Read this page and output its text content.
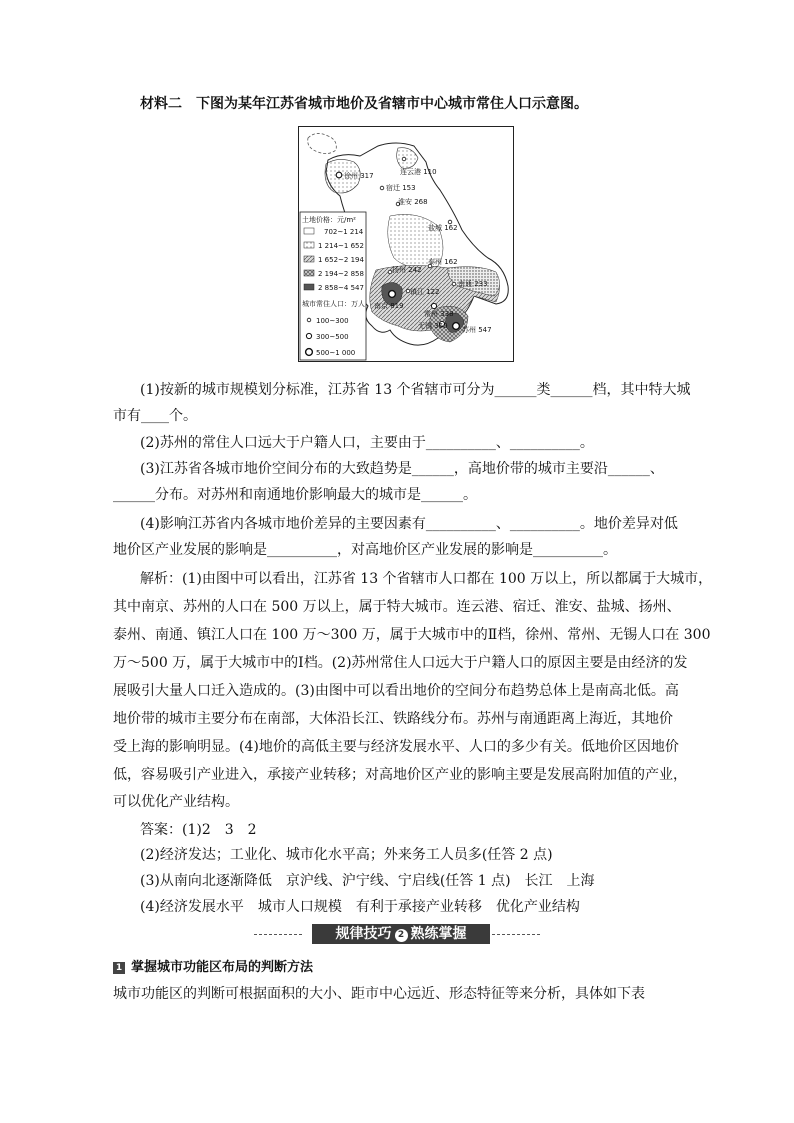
材料二　下图为某年江苏省城市地价及省辖市中心城市常住人口示意图。
土地价格：元/m²
702~1 214
1 214~1 652
1 652~2 194
2 194~2 858
2 858~4 547
城市常住人口：万人
100~300
300~500
500~1 000
徐州 317	连云港 110
宿迁 153
淮安 268
盐城 162
扬州 242
泰州 162
南通 233
镇江 122
南京 819
常州 338
无锡 360 苏州 547
(1)按新的城市规模划分标准，江苏省 13 个省辖市可分为______类______档，其中特大城
市有____个。
(2)苏州的常住人口远大于户籍人口，主要由于__________、__________。
(3)江苏省各城市地价空间分布的大致趋势是______，高地价带的城市主要沿______、
______分布。对苏州和南通地价影响最大的城市是______。
(4)影响江苏省内各城市地价差异的主要因素有__________、__________。地价差异对低
地价区产业发展的影响是__________，对高地价区产业发展的影响是__________。
解析：(1)由图中可以看出，江苏省 13 个省辖市人口都在 100 万以上，所以都属于大城市，
其中南京、苏州的人口在 500 万以上，属于特大城市。连云港、宿迁、淮安、盐城、扬州、
泰州、南通、镇江人口在 100 万～300 万，属于大城市中的Ⅱ档，徐州、常州、无锡人口在 300
万～500 万，属于大城市中的Ⅰ档。(2)苏州常住人口远大于户籍人口的原因主要是由经济的发
展吸引大量人口迁入造成的。(3)由图中可以看出地价的空间分布趋势总体上是南高北低。高
地价带的城市主要分布在南部，大体沿长江、铁路线分布。苏州与南通距离上海近，其地价
受上海的影响明显。(4)地价的高低主要与经济发展水平、人口的多少有关。低地价区因地价
低，容易吸引产业进入，承接产业转移；对高地价区产业的影响主要是发展高附加值的产业，
可以优化产业结构。
答案：(1)2　3　2
(2)经济发达；工业化、城市化水平高；外来务工人员多(任答 2 点)
(3)从南向北逐渐降低　京沪线、沪宁线、宁启线(任答 1 点)　长江　上海
(4)经济发展水平　城市人口规模　有利于承接产业转移　优化产业结构
规律技巧 2 熟练掌握
1 掌握城市功能区布局的判断方法
城市功能区的判断可根据面积的大小、距市中心远近、形态特征等来分析，具体如下表
